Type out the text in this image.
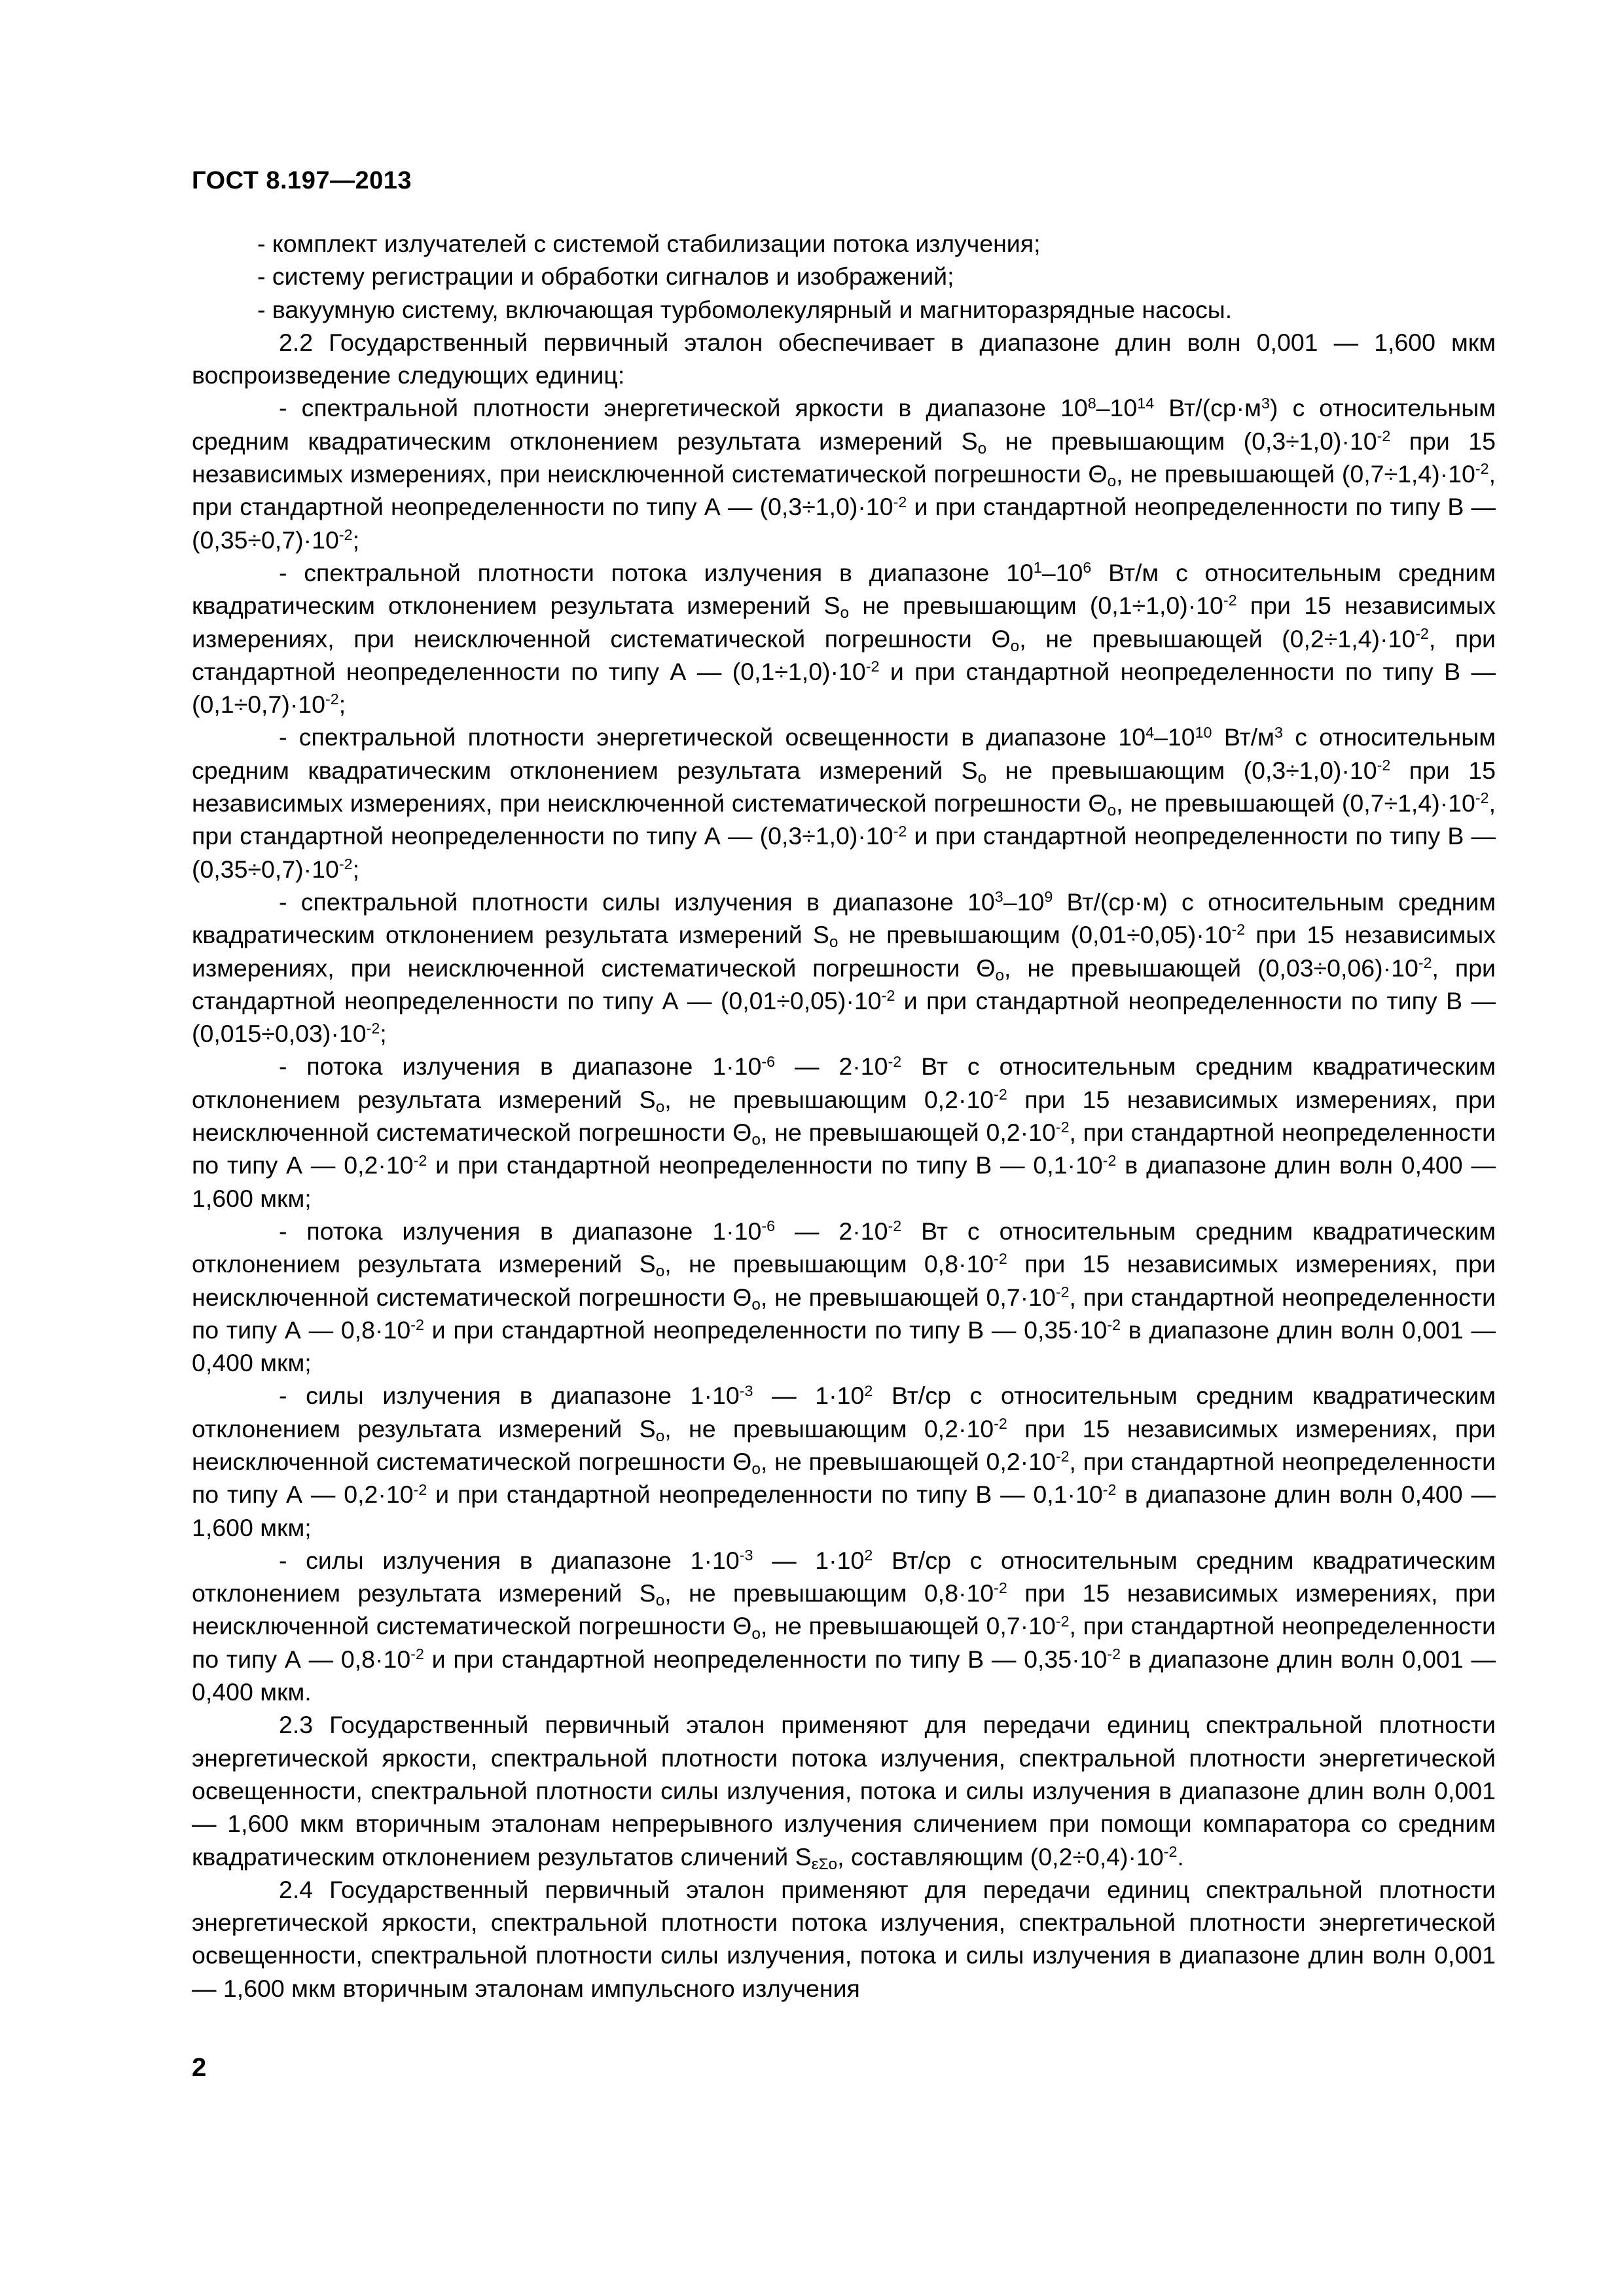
ГОСТ 8.197—2013

- комплект излучателей с системой стабилизации потока излучения;

- систему регистрации и обработки сигналов и изображений;

- вакуумную систему, включающая турбомолекулярный и магниторазрядные насосы.

2.2 Государственный первичный эталон обеспечивает в диапазоне длин волн 0,001 — 1,600 мкм воспроизведение следующих единиц:

- спектральной плотности энергетической яркости в диапазоне $10^8-10^{14}$ $Вт/(ср\cdot м^3)$ с относительным средним квадратическим отклонением результата измерений $S_o$ не превышающим $(0,3\div 1,0)\cdot 10^{-2}$ при 15 независимых измерениях, при неисключенной систематической погрешности $\Theta_o$, не превышающей $(0,7\div 1,4)\cdot 10^{-2}$, при стандартной неопределенности по типу А — $(0,3\div 1,0)\cdot 10^{-2}$ и при стандартной неопределенности по типу В — $(0,35\div 0,7)\cdot 10^{-2}$;

- спектральной плотности потока излучения в диапазоне $10^1-10^6$ Вт/м с относительным средним квадратическим отклонением результата измерений $S_o$ не превышающим $(0,1\div 1,0)\cdot 10^{-2}$ при 15 независимых измерениях, при неисключенной систематической погрешности $\Theta_o$, не превышающей $(0,2\div 1,4)\cdot 10^{-2}$, при стандартной неопределенности по типу А — $(0,1\div 1,0)\cdot 10^{-2}$ и при стандартной неопределенности по типу В — $(0,1\div 0,7)\cdot 10^{-2}$;

- спектральной плотности энергетической освещенности в диапазоне $10^4-10^{10}$ $Вт/м^3$ с относительным средним квадратическим отклонением результата измерений $S_o$ не превышающим $(0,3\div 1,0)\cdot 10^{-2}$ при 15 независимых измерениях, при неисключенной систематической погрешности $\Theta_o$, не превышающей $(0,7\div 1,4)\cdot 10^{-2}$, при стандартной неопределенности по типу А — $(0,3\div 1,0)\cdot 10^{-2}$ и при стандартной неопределенности по типу В — $(0,35\div 0,7)\cdot 10^{-2}$;

- спектральной плотности силы излучения в диапазоне $10^3-10^9$ Вт/(ср·м) с относительным средним квадратическим отклонением результата измерений $S_o$ не превышающим $(0,01\div 0,05)\cdot 10^{-2}$ при 15 независимых измерениях, при неисключенной систематической погрешности $\Theta_o$, не превышающей $(0,03\div 0,06)\cdot 10^{-2}$, при стандартной неопределенности по типу А — $(0,01\div 0,05)\cdot 10^{-2}$ и при стандартной неопределенности по типу В — $(0,015\div 0,03)\cdot 10^{-2}$;

- потока излучения в диапазоне $1\cdot 10^{-6}$ — $2\cdot 10^{-2}$ Вт с относительным средним квадратическим отклонением результата измерений $S_o$, не превышающим $0,2\cdot 10^{-2}$ при 15 независимых измерениях, при неисключенной систематической погрешности $\Theta_o$, не превышающей $0,2\cdot 10^{-2}$, при стандартной неопределенности по типу А — $0,2\cdot 10^{-2}$ и при стандартной неопределенности по типу В — $0,1\cdot 10^{-2}$ в диапазоне длин волн 0,400 — 1,600 мкм;

- потока излучения в диапазоне $1\cdot 10^{-6}$ — $2\cdot 10^{-2}$ Вт с относительным средним квадратическим отклонением результата измерений $S_o$, не превышающим $0,8\cdot 10^{-2}$ при 15 независимых измерениях, при неисключенной систематической погрешности $\Theta_o$, не превышающей $0,7\cdot 10^{-2}$, при стандартной неопределенности по типу А — $0,8\cdot 10^{-2}$ и при стандартной неопределенности по типу В — $0,35\cdot 10^{-2}$ в диапазоне длин волн 0,001 — 0,400 мкм;

- силы излучения в диапазоне $1\cdot 10^{-3}$ — $1\cdot 10^2$ Вт/ср с относительным средним квадратическим отклонением результата измерений $S_o$, не превышающим $0,2\cdot 10^{-2}$ при 15 независимых измерениях, при неисключенной систематической погрешности $\Theta_o$, не превышающей $0,2\cdot 10^{-2}$, при стандартной неопределенности по типу А — $0,2\cdot 10^{-2}$ и при стандартной неопределенности по типу В — $0,1\cdot 10^{-2}$ в диапазоне длин волн 0,400 — 1,600 мкм;

- силы излучения в диапазоне $1\cdot 10^{-3}$ — $1\cdot 10^2$ Вт/ср с относительным средним квадратическим отклонением результата измерений $S_o$, не превышающим $0,8\cdot 10^{-2}$ при 15 независимых измерениях, при неисключенной систематической погрешности $\Theta_o$, не превышающей $0,7\cdot 10^{-2}$, при стандартной неопределенности по типу А — $0,8\cdot 10^{-2}$ и при стандартной неопределенности по типу В — $0,35\cdot 10^{-2}$ в диапазоне длин волн 0,001 — 0,400 мкм.

2.3 Государственный первичный эталон применяют для передачи единиц спектральной плотности энергетической яркости, спектральной плотности потока излучения, спектральной плотности энергетической освещенности, спектральной плотности силы излучения, потока и силы излучения в диапазоне длин волн 0,001 — 1,600 мкм вторичным эталонам непрерывного излучения сличением при помощи компаратора со средним квадратическим отклонением результатов сличений $S_{\varepsilon\Sigma o}$, составляющим $(0,2\div 0,4)\cdot 10^{-2}$.

2.4 Государственный первичный эталон применяют для передачи единиц спектральной плотности энергетической яркости, спектральной плотности потока излучения, спектральной плотности энергетической освещенности, спектральной плотности силы излучения, потока и силы излучения в диапазоне длин волн 0,001 — 1,600 мкм вторичным эталонам импульсного излучения

2
